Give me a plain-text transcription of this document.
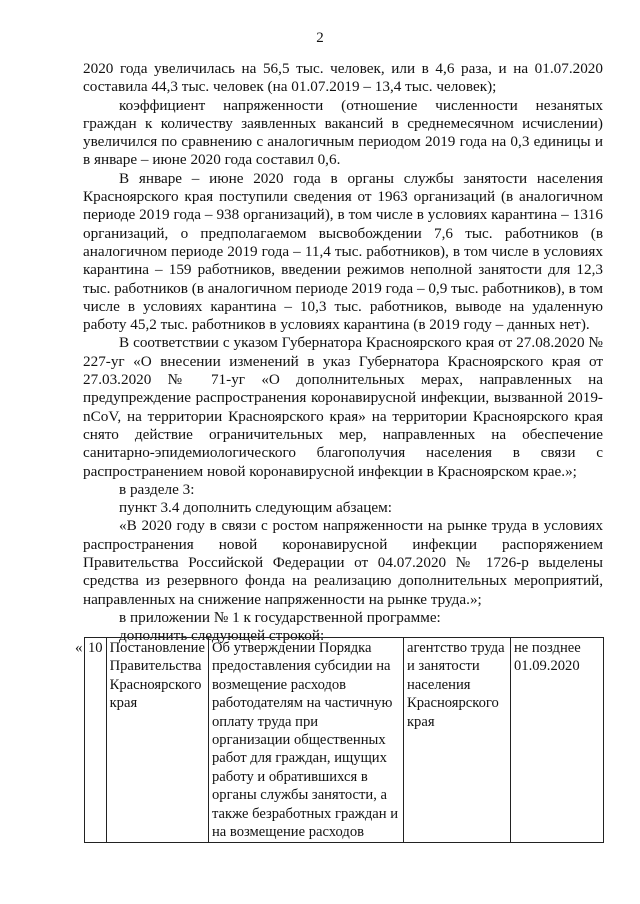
2

2020 года увеличилась на 56,5 тыс. человек, или в 4,6 раза, и на 01.07.2020 составила 44,3 тыс. человек (на 01.07.2019 – 13,4 тыс. человек);

коэффициент напряженности (отношение численности незанятых граждан к количеству заявленных вакансий в среднемесячном исчислении) увеличился по сравнению с аналогичным периодом 2019 года на 0,3 единицы и в январе – июне 2020 года составил 0,6.

В январе – июне 2020 года в органы службы занятости населения Красноярского края поступили сведения от 1963 организаций (в аналогичном периоде 2019 года – 938 организаций), в том числе в условиях карантина – 1316 организаций, о предполагаемом высвобождении 7,6 тыс. работников (в аналогичном периоде 2019 года – 11,4 тыс. работников), в том числе в условиях карантина – 159 работников, введении режимов неполной занятости для 12,3 тыс. работников (в аналогичном периоде 2019 года – 0,9 тыс. работников), в том числе в условиях карантина – 10,3 тыс. работников, выводе на удаленную работу 45,2 тыс. работников в условиях карантина (в 2019 году – данных нет).

В соответствии с указом Губернатора Красноярского края от 27.08.2020 № 227-уг «О внесении изменений в указ Губернатора Красноярского края от 27.03.2020 № 71-уг «О дополнительных мерах, направленных на предупреждение распространения коронавирусной инфекции, вызванной 2019-nCoV, на территории Красноярского края» на территории Красноярского края снято действие ограничительных мер, направленных на обеспечение санитарно-эпидемиологического благополучия населения в связи с распространением новой коронавирусной инфекции в Красноярском крае.»;

в разделе 3:

пункт 3.4 дополнить следующим абзацем:

«В 2020 году в связи с ростом напряженности на рынке труда в условиях распространения новой коронавирусной инфекции распоряжением Правительства Российской Федерации от 04.07.2020 № 1726-р выделены средства из резервного фонда на реализацию дополнительных мероприятий, направленных на снижение напряженности на рынке труда.»;

в приложении № 1 к государственной программе:

дополнить следующей строкой:

« 10	Постановление Правительства Красноярского края	Об утверждении Порядка предоставления субсидии на возмещение расходов работодателям на частичную оплату труда при организации общественных работ для граждан, ищущих работу и обратившихся в органы службы занятости, а также безработных граждан и на возмещение расходов	агентство труда и занятости населения Красноярского края	не позднее 01.09.2020
